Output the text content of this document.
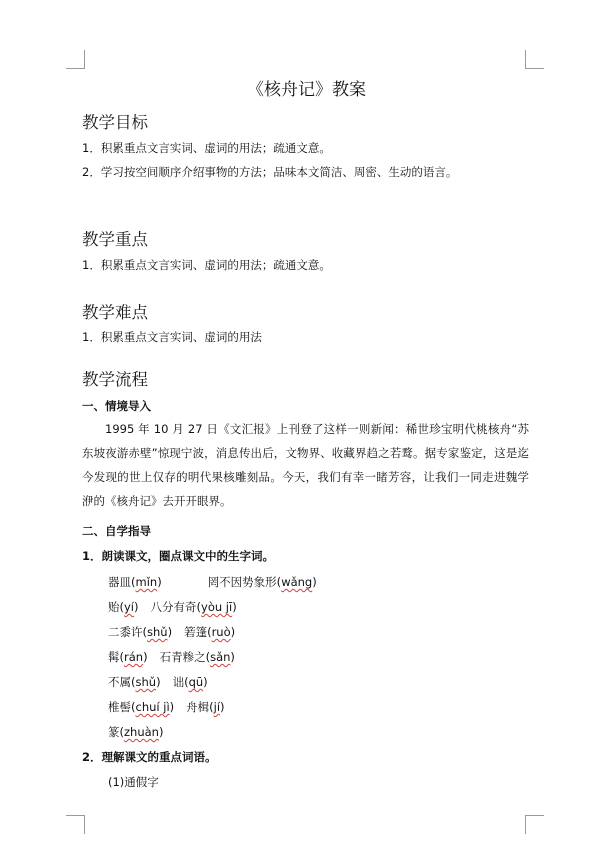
《核舟记》教案
教学目标
1．积累重点文言实词、虚词的用法；疏通文意。
2．学习按空间顺序介绍事物的方法；品味本文简洁、周密、生动的语言。
教学重点
1．积累重点文言实词、虚词的用法；疏通文意。
教学难点
1．积累重点文言实词、虚词的用法
教学流程
一、情境导入
1995 年 10 月 27 日《文汇报》上刊登了这样一则新闻：稀世珍宝明代桃核舟“苏东坡夜游赤壁”惊现宁波，消息传出后，文物界、收藏界趋之若鹜。据专家鉴定，这是迄今发现的世上仅存的明代果核雕刻品。今天，我们有幸一睹芳容，让我们一同走进魏学洢的《核舟记》去开开眼界。
二、自学指导
1．朗读课文，圈点课文中的生字词。
器皿(mǐn)	罔不因势象形(wǎng)
贻(yí) 八分有奇(yòu jī)
二黍许(shǔ) 箬篷(ruò)
髯(rán) 石青糁之(sǎn)
不属(shǔ) 诎(qū)
椎髻(chuí jì) 舟楫(jí)
篆(zhuàn)
2．理解课文的重点词语。
(1)通假字
